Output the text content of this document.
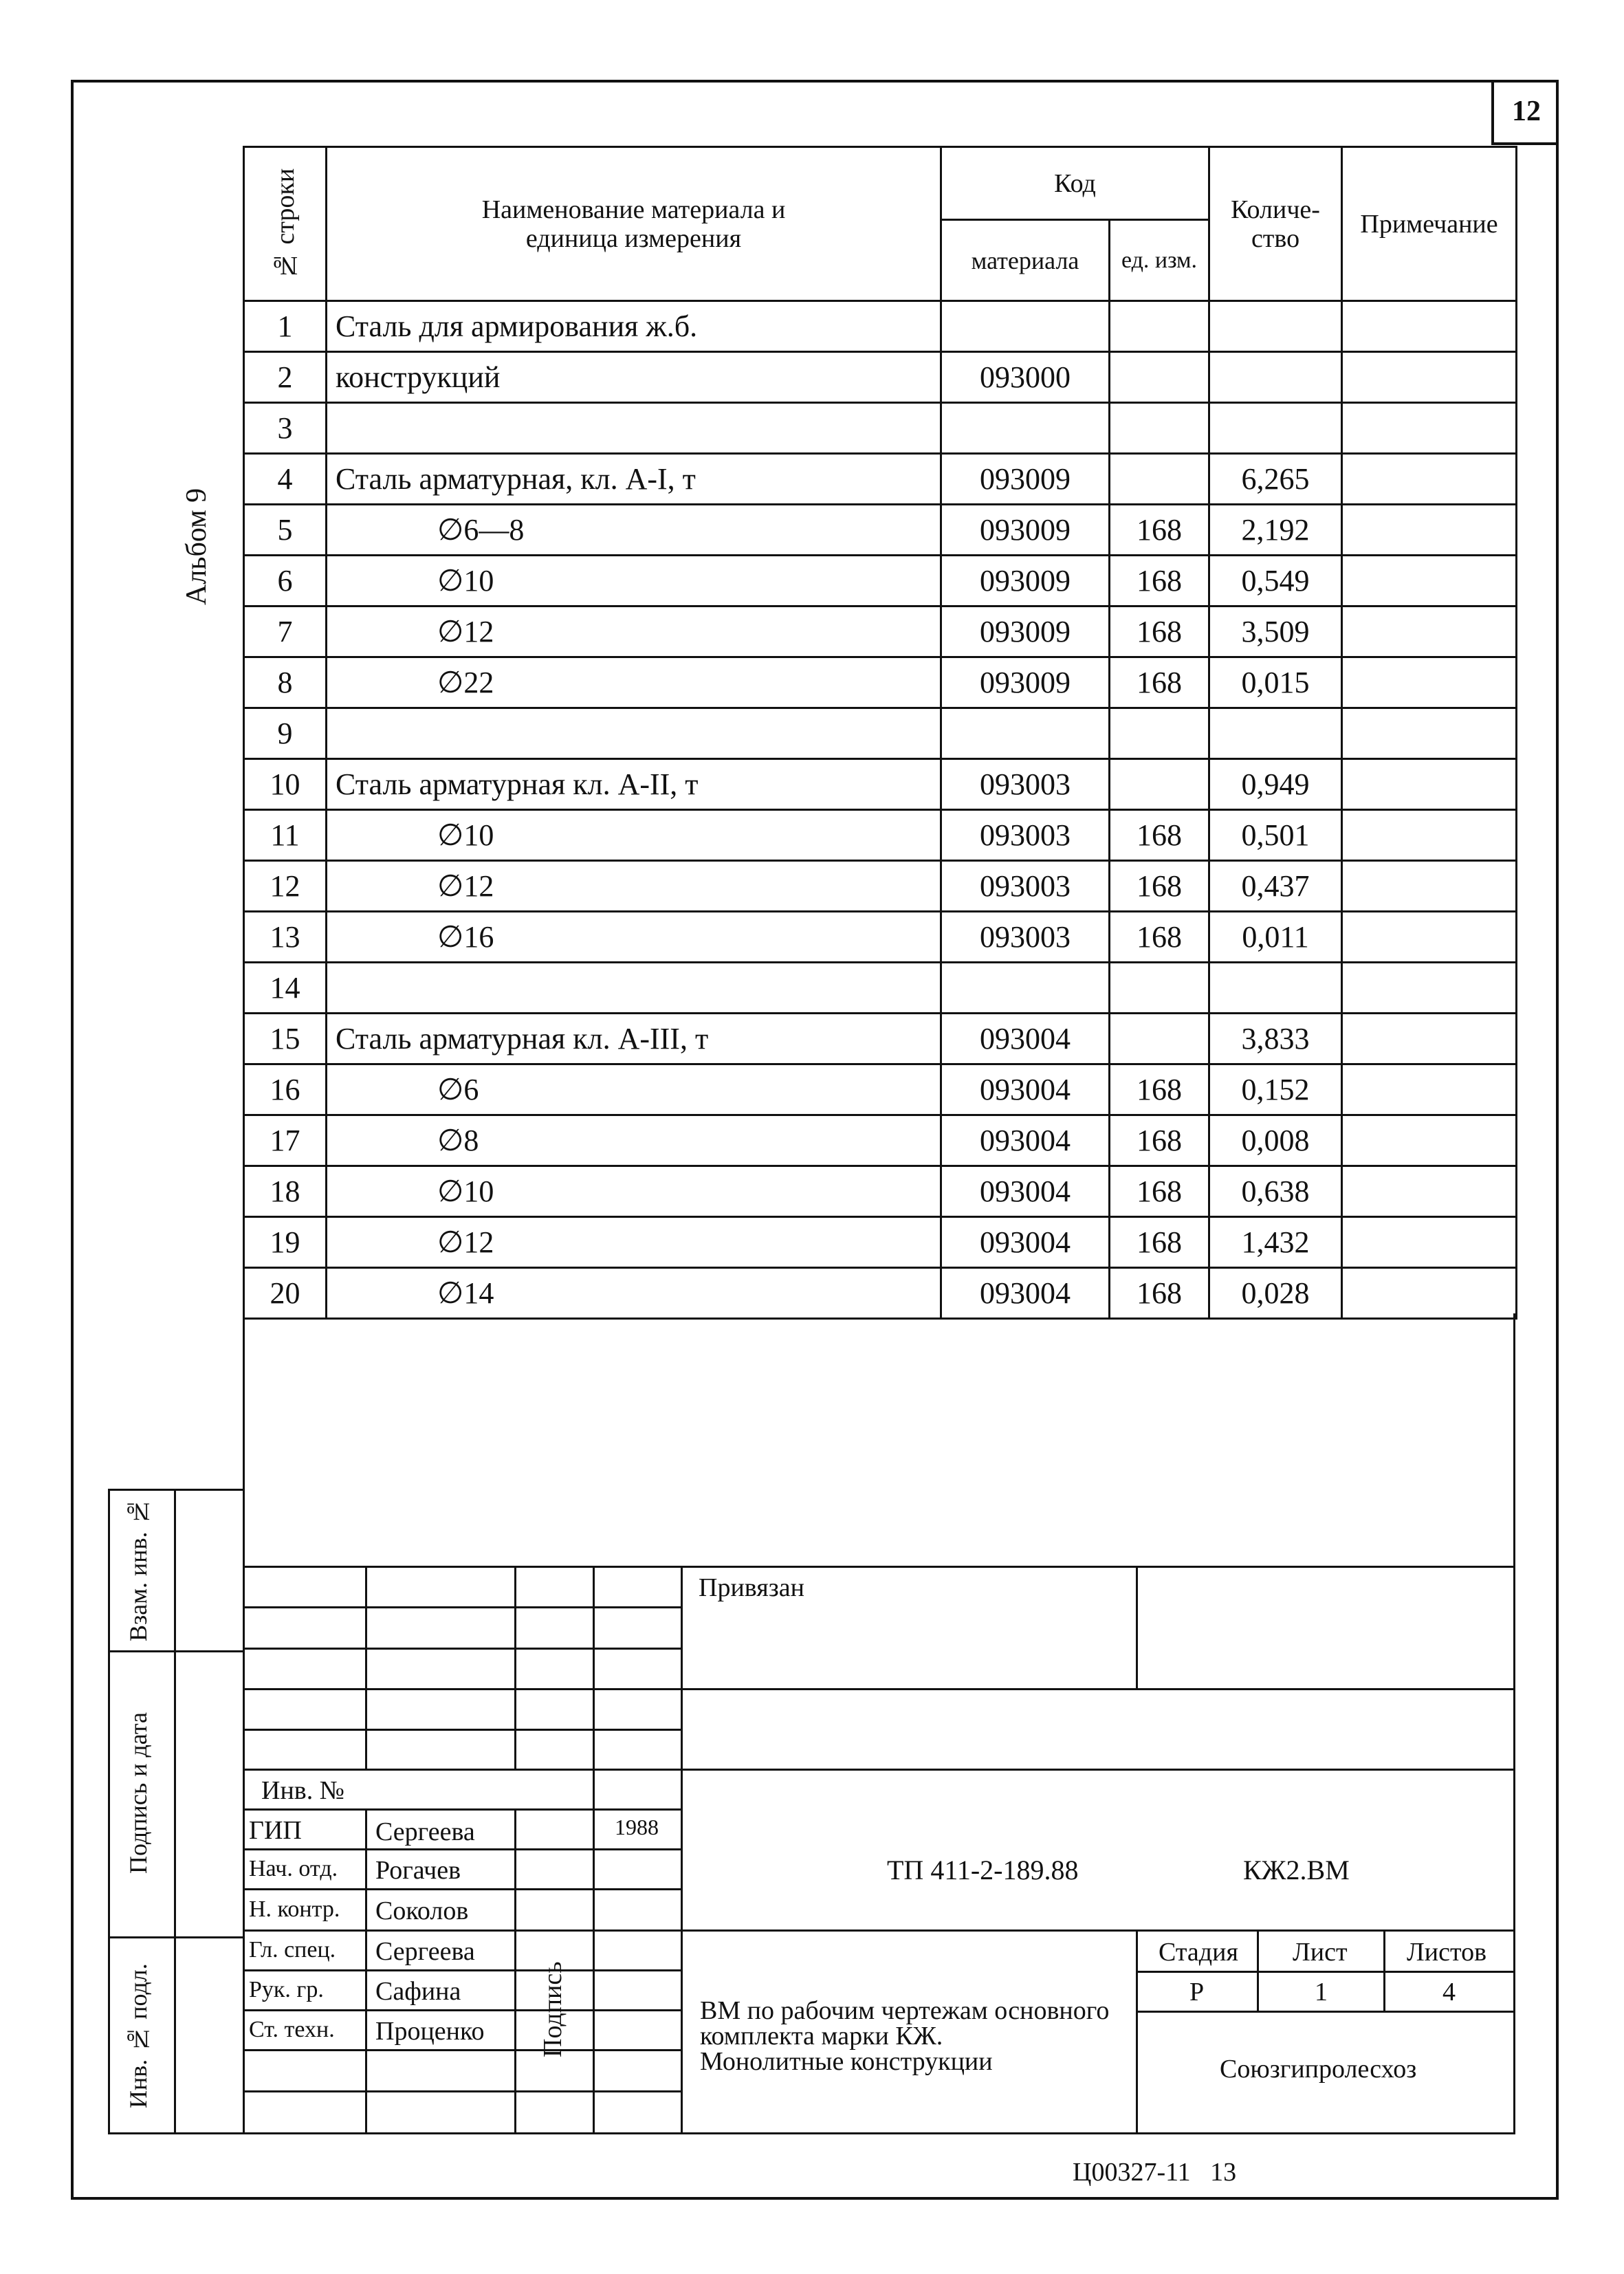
12
Альбом 9
№ строки	Наименование материала и единица измерения	Код		Количе- ство	Примечание
		материала	ед. изм.		
1	Сталь для армирования ж.б.				
2	конструкций	093000			
3					
4	Сталь арматурная, кл. А-I, т	093009		6,265	
5	∅6—8	093009	168	2,192	
6	∅10	093009	168	0,549	
7	∅12	093009	168	3,509	
8	∅22	093009	168	0,015	
9					
10	Сталь арматурная кл. А-II, т	093003		0,949	
11	∅10	093003	168	0,501	
12	∅12	093003	168	0,437	
13	∅16	093003	168	0,011	
14					
15	Сталь арматурная кл. А-III, т	093004		3,833	
16	∅6	093004	168	0,152	
17	∅8	093004	168	0,008	
18	∅10	093004	168	0,638	
19	∅12	093004	168	1,432	
20	∅14	093004	168	0,028	
Взам. инв. №
Подпись и дата
Инв. № подл.
Привязан
Инв. №
ГИП	Сергеева	1988
Нач. отд. Рогачев
Н. контр. Соколов
Гл. спец. Сергеева
Рук. гр. Сафина
Ст. техн. Проценко Подпись
ТП 411-2-189.88	КЖ2.ВМ
Стадия Лист Листов
Р	1	4
ВМ по рабочим чертежам основного
комплекта марки КЖ.
Монолитные конструкции	Союзгипролесхоз
Ц00327-11   13
